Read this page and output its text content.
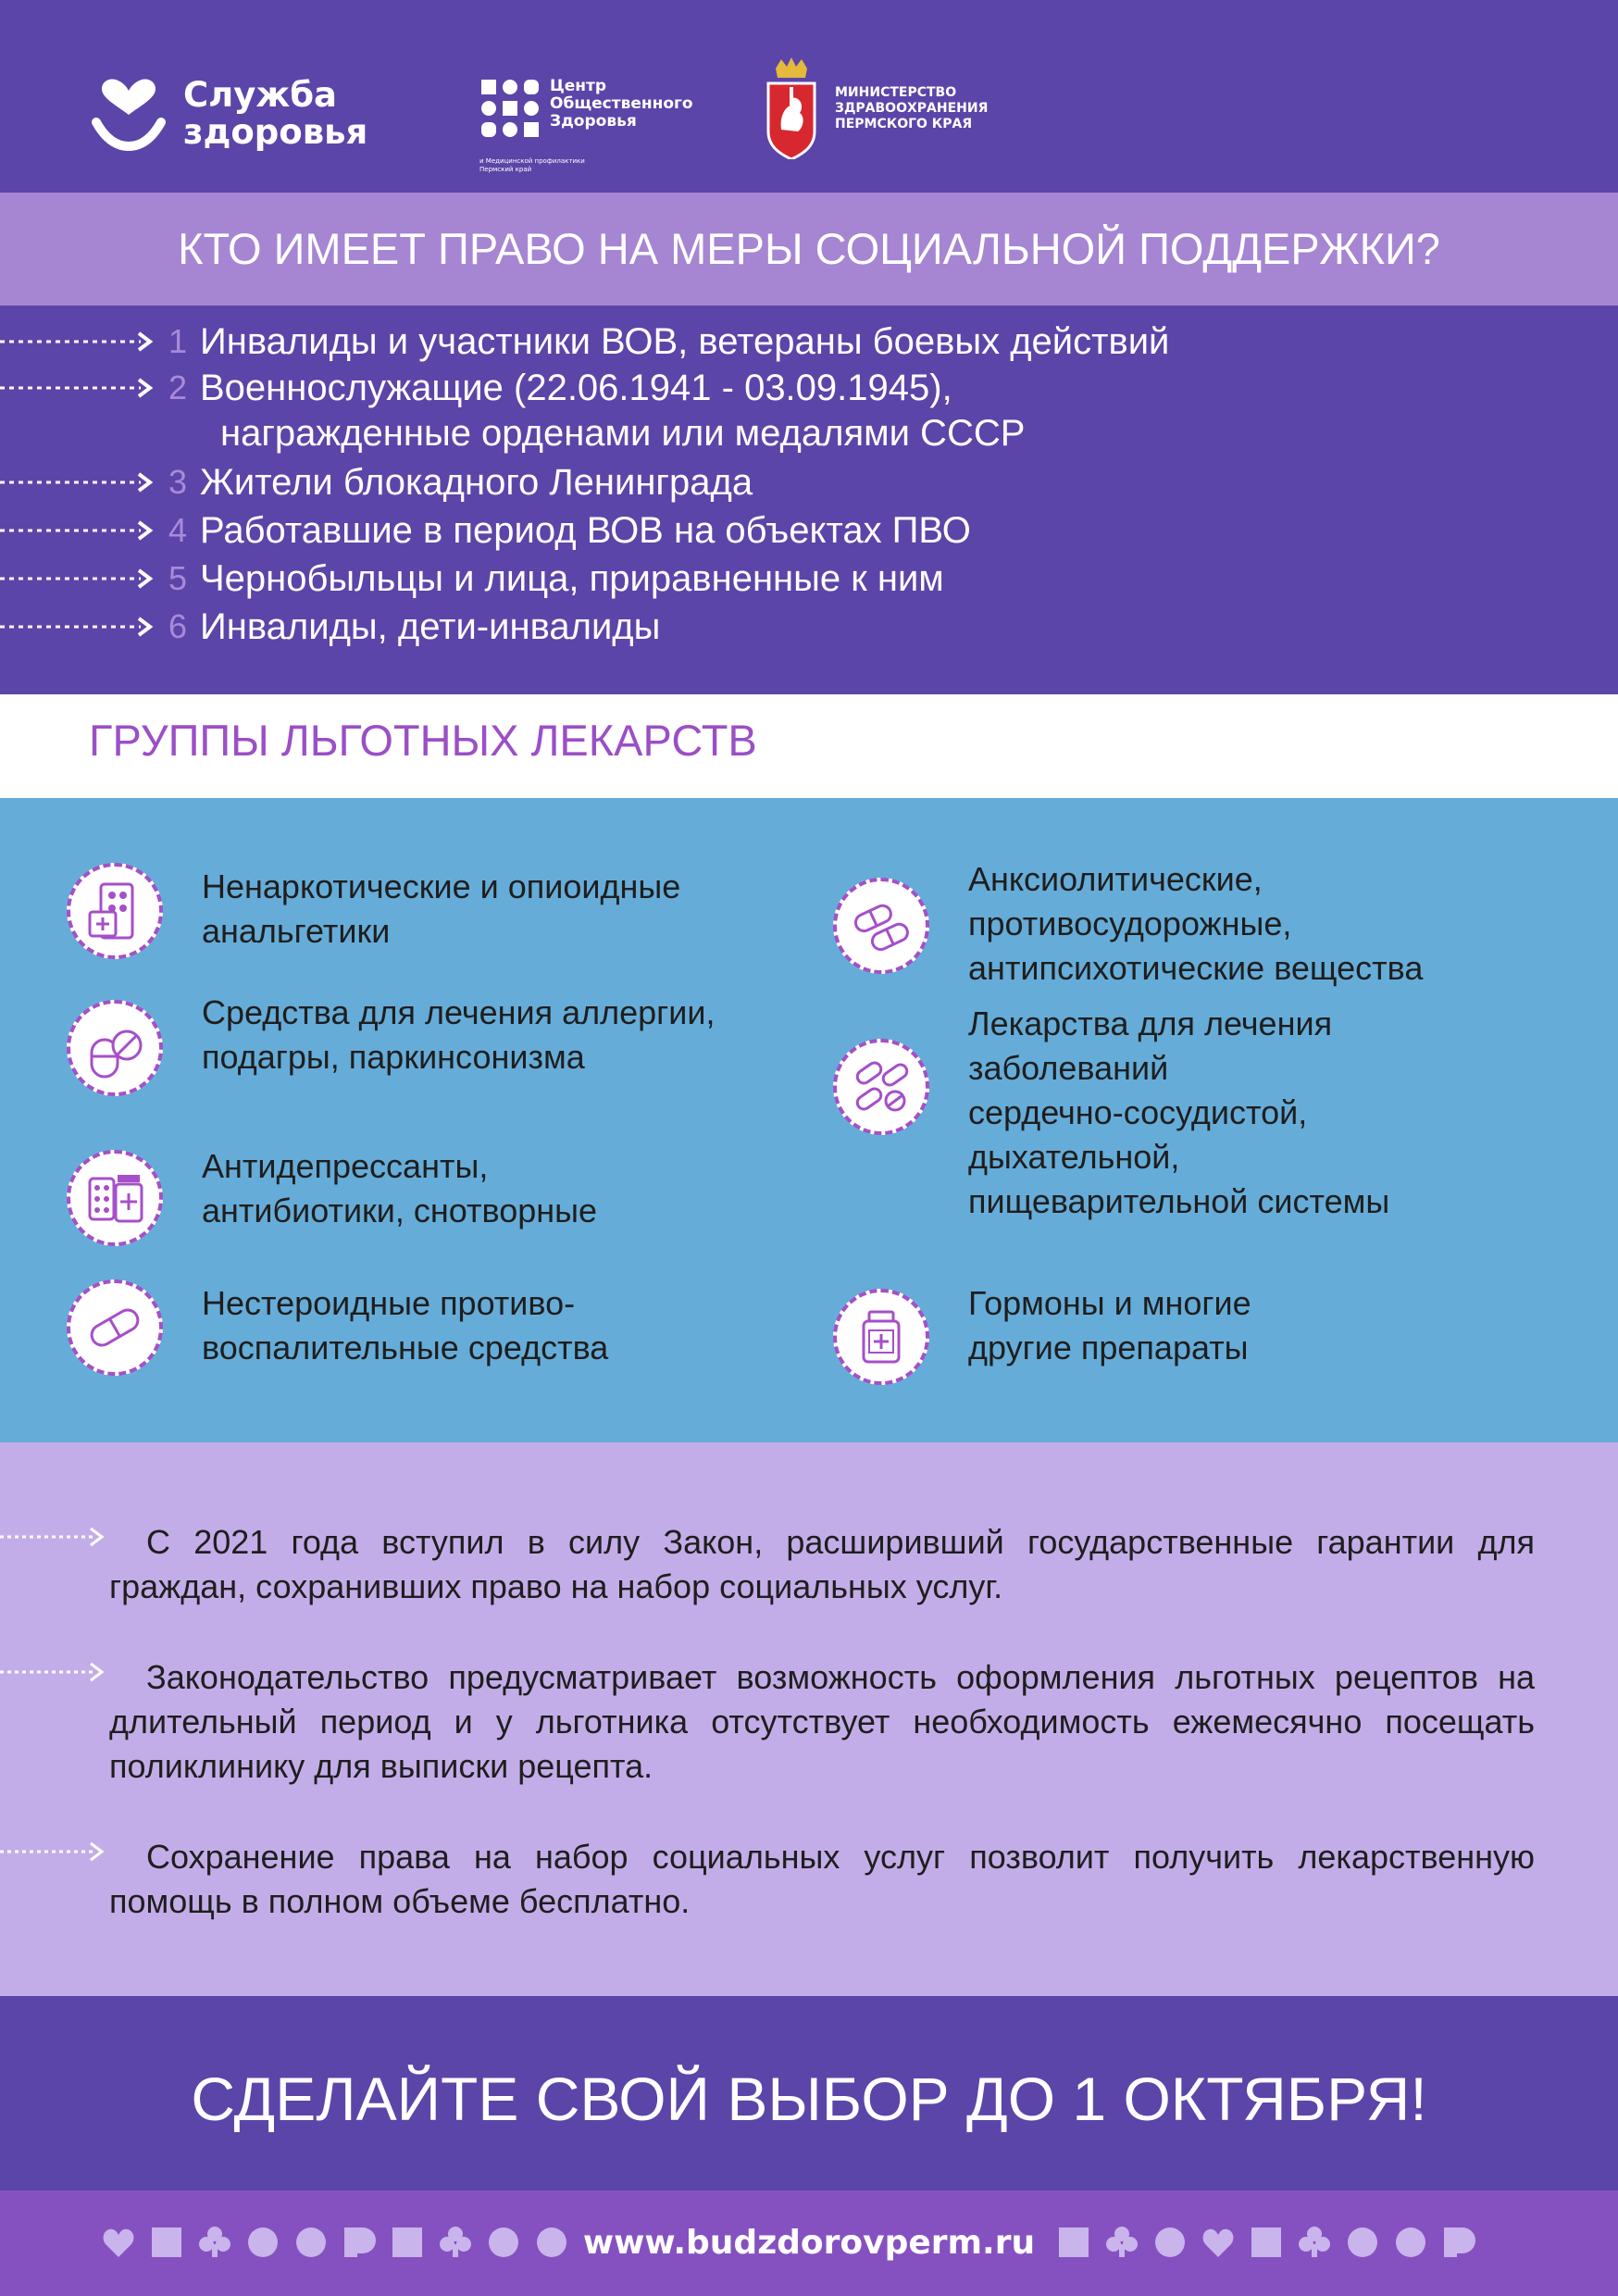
Служба
здоровья
Центр
Общественного
Здоровья
и Медицинской профилактики
Пермский край
МИНИСТЕРСТВО
ЗДРАВООХРАНЕНИЯ
ПЕРМСКОГО КРАЯ
КТО ИМЕЕТ ПРАВО НА МЕРЫ СОЦИАЛЬНОЙ ПОДДЕРЖКИ?
1 Инвалиды и участники ВОВ, ветераны боевых действий
2 Военнослужащие (22.06.1941 - 03.09.1945),
награжденные орденами или медалями СССР
3 Жители блокадного Ленинграда
4 Работавшие в период ВОВ на объектах ПВО
5 Чернобыльцы и лица, приравненные к ним
6 Инвалиды, дети-инвалиды
ГРУППЫ ЛЬГОТНЫХ ЛЕКАРСТВ
Ненаркотические и опиоидные
анальгетики
Средства для лечения аллергии,
подагры, паркинсонизма
Антидепрессанты,
антибиотики, снотворные
Нестероидные противо-
воспалительные средства
Анксиолитические,
противосудорожные,
антипсихотические вещества
Лекарства для лечения
заболеваний
сердечно-сосудистой,
дыхательной,
пищеварительной системы
Гормоны и многие
другие препараты

С 2021 года вступил в силу Закон, расширивший государственные гарантии для граждан, сохранивших право на набор социальных услуг.

Законодательство предусматривает возможность оформления льготных рецептов на длительный период и у льготника отсутствует необходимость ежемесячно посещать поликлинику для выписки рецепта.

Сохранение права на набор социальных услуг позволит получить лекарственную помощь в полном объеме бесплатно.

СДЕЛАЙТЕ СВОЙ ВЫБОР ДО 1 ОКТЯБРЯ!
www.budzdorovperm.ru
